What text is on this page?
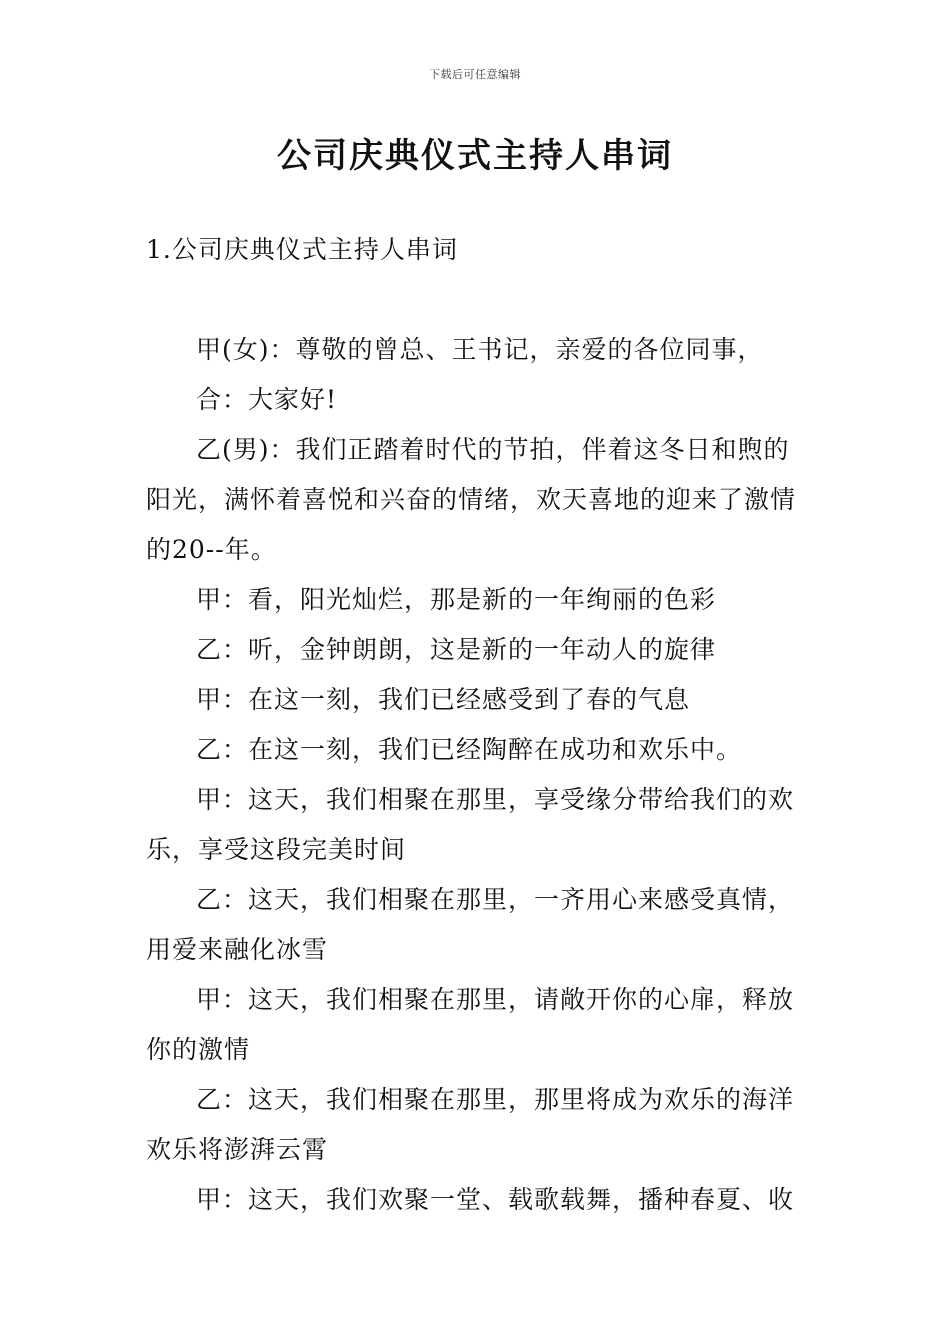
下载后可任意编辑
公司庆典仪式主持人串词
1.公司庆典仪式主持人串词

甲(女)：尊敬的曾总、王书记，亲爱的各位同事，

合：大家好!

乙(男)：我们正踏着时代的节拍，伴着这冬日和煦的阳光，满怀着喜悦和兴奋的情绪，欢天喜地的迎来了激情的20--年。

甲：看，阳光灿烂，那是新的一年绚丽的色彩

乙：听，金钟朗朗，这是新的一年动人的旋律

甲：在这一刻，我们已经感受到了春的气息

乙：在这一刻，我们已经陶醉在成功和欢乐中。

甲：这天，我们相聚在那里，享受缘分带给我们的欢乐，享受这段完美时间

乙：这天，我们相聚在那里，一齐用心来感受真情，用爱来融化冰雪

甲：这天，我们相聚在那里，请敞开你的心扉，释放你的激情

乙：这天，我们相聚在那里，那里将成为欢乐的海洋欢乐将澎湃云霄

甲：这天，我们欢聚一堂、载歌载舞，播种春夏、收
